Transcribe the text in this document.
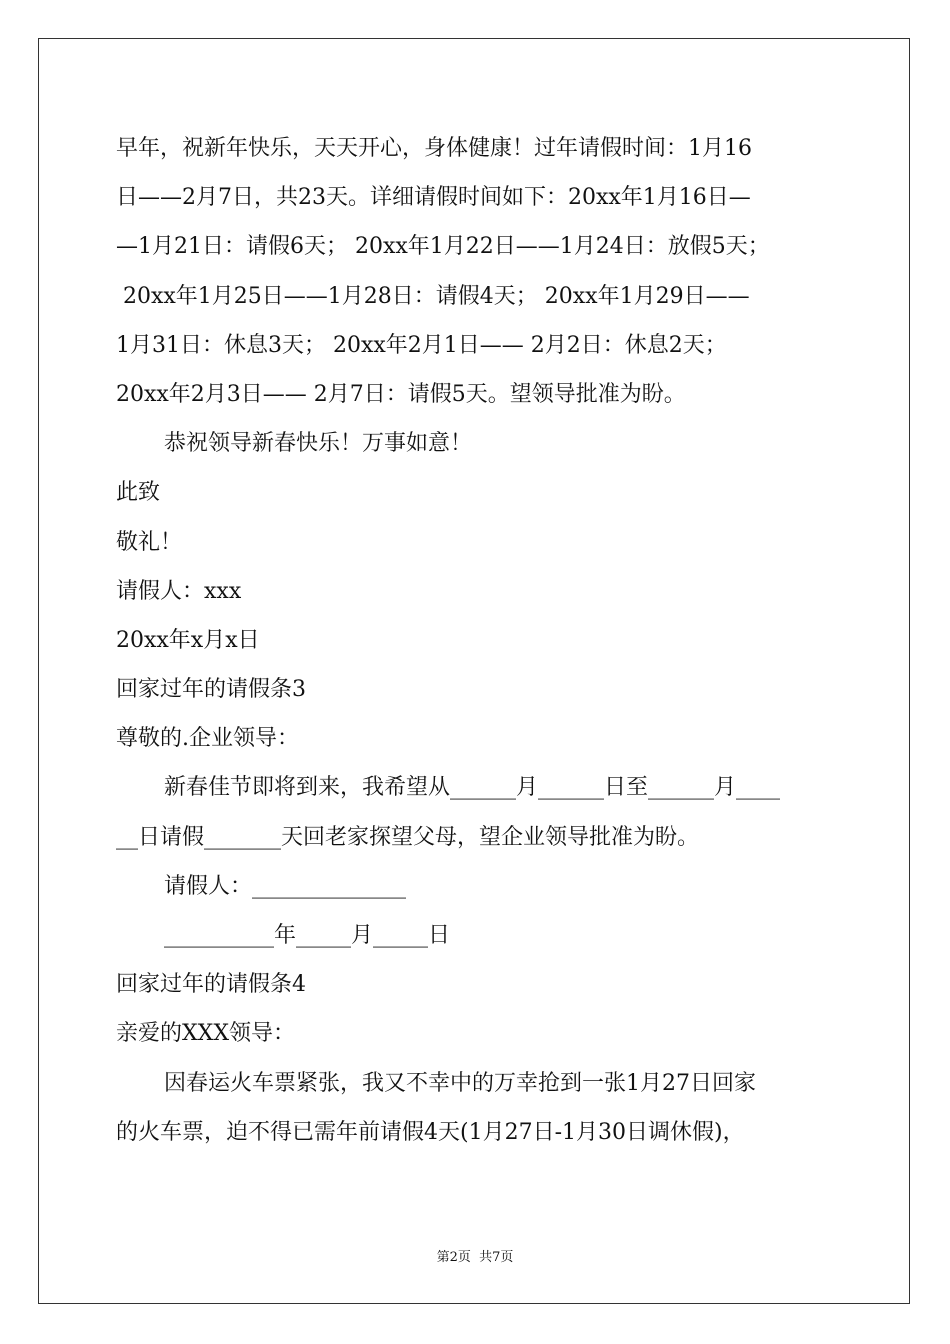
早年，祝新年快乐，天天开心，身体健康！过年请假时间：1月16
日——2月7日，共23天。详细请假时间如下：20xx年1月16日—
—1月21日：请假6天； 20xx年1月22日——1月24日：放假5天；
20xx年1月25日——1月28日：请假4天； 20xx年1月29日——
1月31日：休息3天； 20xx年2月1日—— 2月2日：休息2天；
20xx年2月3日—— 2月7日：请假5天。望领导批准为盼。
恭祝领导新春快乐！万事如意！
此致
敬礼！
请假人：xxx
20xx年x月x日
回家过年的请假条3
尊敬的.企业领导：
新春佳节即将到来，我希望从______月______日至______月____
__日请假_______天回老家探望父母，望企业领导批准为盼。
请假人：______________
__________年_____月_____日
回家过年的请假条4
亲爱的XXX领导：
因春运火车票紧张，我又不幸中的万幸抢到一张1月27日回家
的火车票，迫不得已需年前请假4天(1月27日-1月30日调休假)，
第2页  共7页
